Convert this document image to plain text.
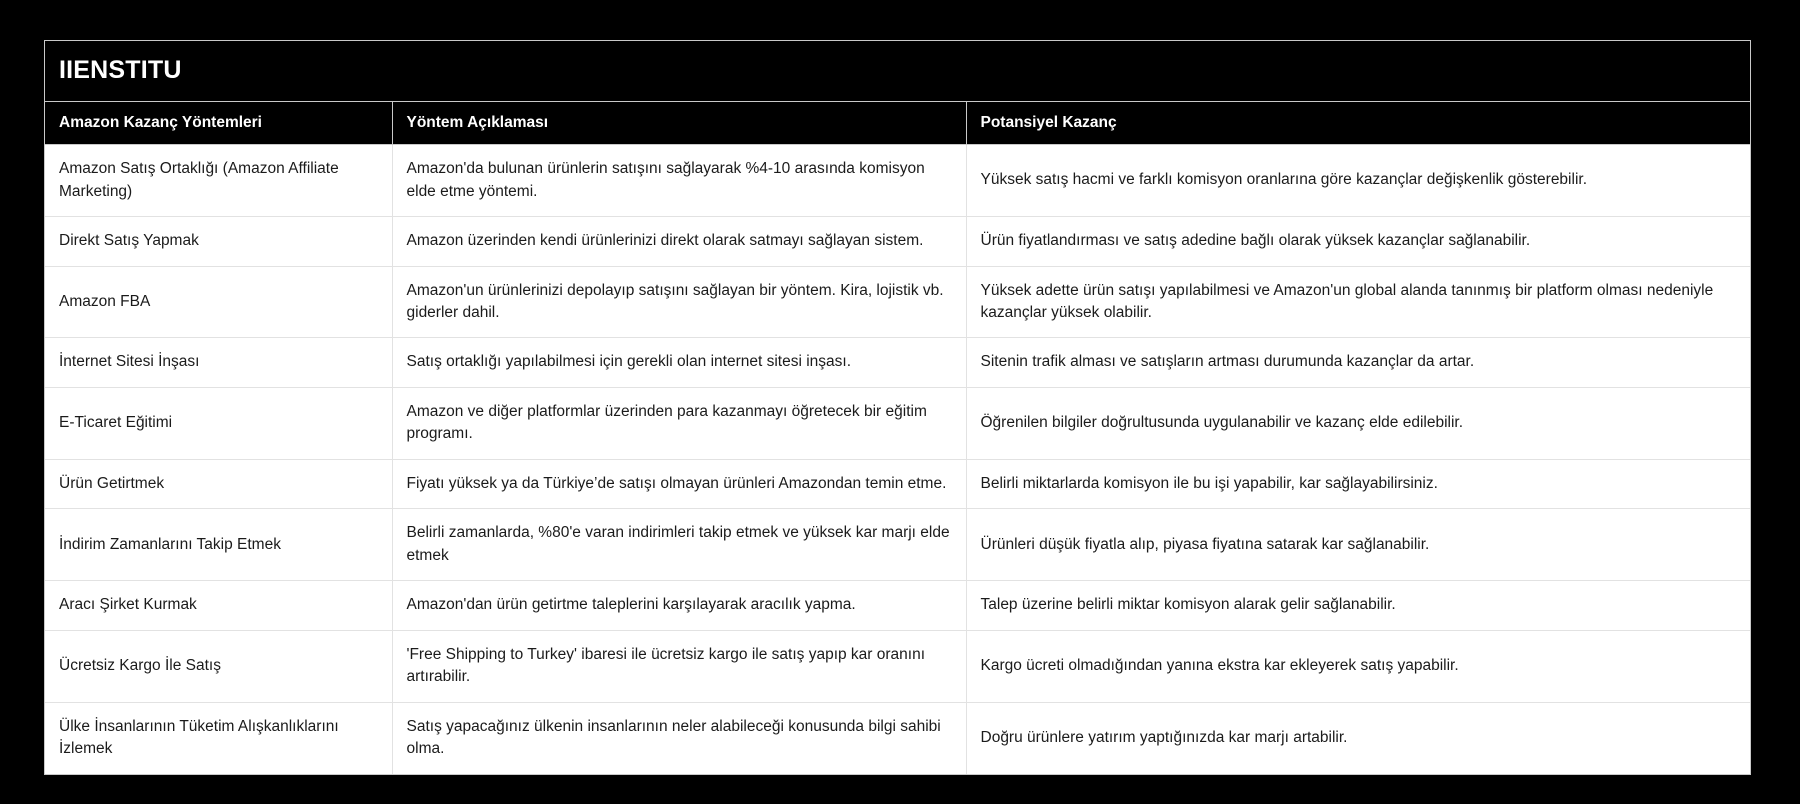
IIENSTITU		
Amazon Kazanç Yöntemleri	Yöntem Açıklaması	Potansiyel Kazanç
Amazon Satış Ortaklığı (Amazon Affiliate Marketing)	Amazon'da bulunan ürünlerin satışını sağlayarak %4-10 arasında komisyon elde etme yöntemi.	Yüksek satış hacmi ve farklı komisyon oranlarına göre kazançlar değişkenlik gösterebilir.
Direkt Satış Yapmak	Amazon üzerinden kendi ürünlerinizi direkt olarak satmayı sağlayan sistem.	Ürün fiyatlandırması ve satış adedine bağlı olarak yüksek kazançlar sağlanabilir.
Amazon FBA	Amazon'un ürünlerinizi depolayıp satışını sağlayan bir yöntem. Kira, lojistik vb. giderler dahil.	Yüksek adette ürün satışı yapılabilmesi ve Amazon'un global alanda tanınmış bir platform olması nedeniyle kazançlar yüksek olabilir.
İnternet Sitesi İnşası	Satış ortaklığı yapılabilmesi için gerekli olan internet sitesi inşası.	Sitenin trafik alması ve satışların artması durumunda kazançlar da artar.
E-Ticaret Eğitimi	Amazon ve diğer platformlar üzerinden para kazanmayı öğretecek bir eğitim programı.	Öğrenilen bilgiler doğrultusunda uygulanabilir ve kazanç elde edilebilir.
Ürün Getirtmek	Fiyatı yüksek ya da Türkiye’de satışı olmayan ürünleri Amazondan temin etme.	Belirli miktarlarda komisyon ile bu işi yapabilir, kar sağlayabilirsiniz.
İndirim Zamanlarını Takip Etmek	Belirli zamanlarda, %80'e varan indirimleri takip etmek ve yüksek kar marjı elde etmek	Ürünleri düşük fiyatla alıp, piyasa fiyatına satarak kar sağlanabilir.
Aracı Şirket Kurmak	Amazon'dan ürün getirtme taleplerini karşılayarak aracılık yapma.	Talep üzerine belirli miktar komisyon alarak gelir sağlanabilir.
Ücretsiz Kargo İle Satış	'Free Shipping to Turkey' ibaresi ile ücretsiz kargo ile satış yapıp kar oranını artırabilir.	Kargo ücreti olmadığından yanına ekstra kar ekleyerek satış yapabilir.
Ülke İnsanlarının Tüketim Alışkanlıklarını İzlemek	Satış yapacağınız ülkenin insanlarının neler alabileceği konusunda bilgi sahibi olma.	Doğru ürünlere yatırım yaptığınızda kar marjı artabilir.
